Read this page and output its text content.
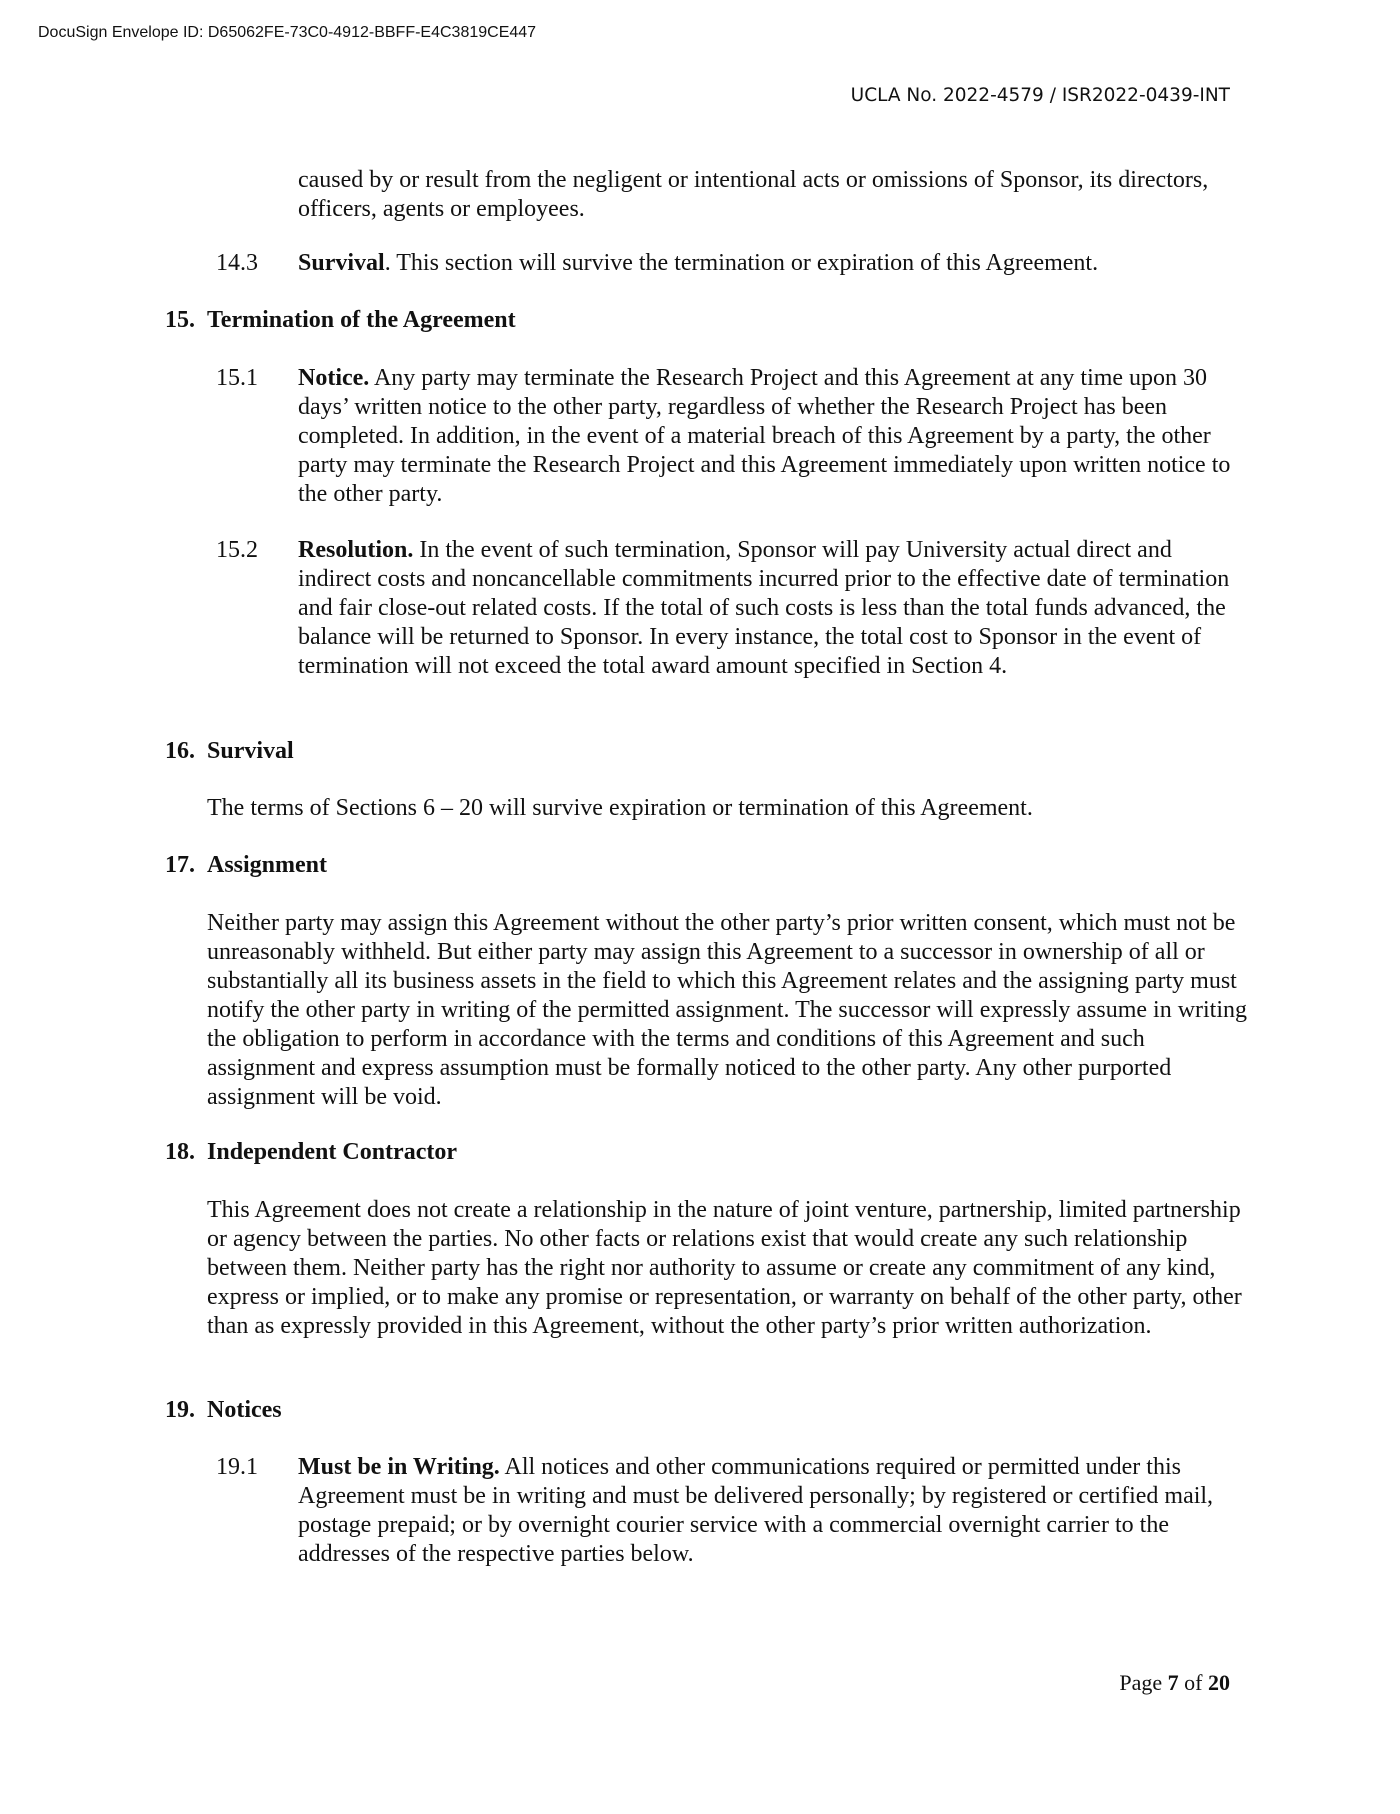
DocuSign Envelope ID: D65062FE-73C0-4912-BBFF-E4C3819CE447
UCLA No. 2022-4579 / ISR2022-0439-INT
caused by or result from the negligent or intentional acts or omissions of Sponsor, its directors, officers, agents or employees.
14.3	Survival. This section will survive the termination or expiration of this Agreement.
15. Termination of the Agreement
15.1	Notice. Any party may terminate the Research Project and this Agreement at any time upon 30 days’ written notice to the other party, regardless of whether the Research Project has been completed. In addition, in the event of a material breach of this Agreement by a party, the other party may terminate the Research Project and this Agreement immediately upon written notice to the other party.
15.2	Resolution. In the event of such termination, Sponsor will pay University actual direct and indirect costs and noncancellable commitments incurred prior to the effective date of termination and fair close-out related costs. If the total of such costs is less than the total funds advanced, the balance will be returned to Sponsor. In every instance, the total cost to Sponsor in the event of termination will not exceed the total award amount specified in Section 4.
16. Survival
The terms of Sections 6 – 20 will survive expiration or termination of this Agreement.
17. Assignment
Neither party may assign this Agreement without the other party’s prior written consent, which must not be unreasonably withheld. But either party may assign this Agreement to a successor in ownership of all or substantially all its business assets in the field to which this Agreement relates and the assigning party must notify the other party in writing of the permitted assignment. The successor will expressly assume in writing the obligation to perform in accordance with the terms and conditions of this Agreement and such assignment and express assumption must be formally noticed to the other party. Any other purported assignment will be void.
18. Independent Contractor
This Agreement does not create a relationship in the nature of joint venture, partnership, limited partnership or agency between the parties. No other facts or relations exist that would create any such relationship between them. Neither party has the right nor authority to assume or create any commitment of any kind, express or implied, or to make any promise or representation, or warranty on behalf of the other party, other than as expressly provided in this Agreement, without the other party’s prior written authorization.
19. Notices
19.1	Must be in Writing. All notices and other communications required or permitted under this Agreement must be in writing and must be delivered personally; by registered or certified mail, postage prepaid; or by overnight courier service with a commercial overnight carrier to the addresses of the respective parties below.
Page 7 of 20
